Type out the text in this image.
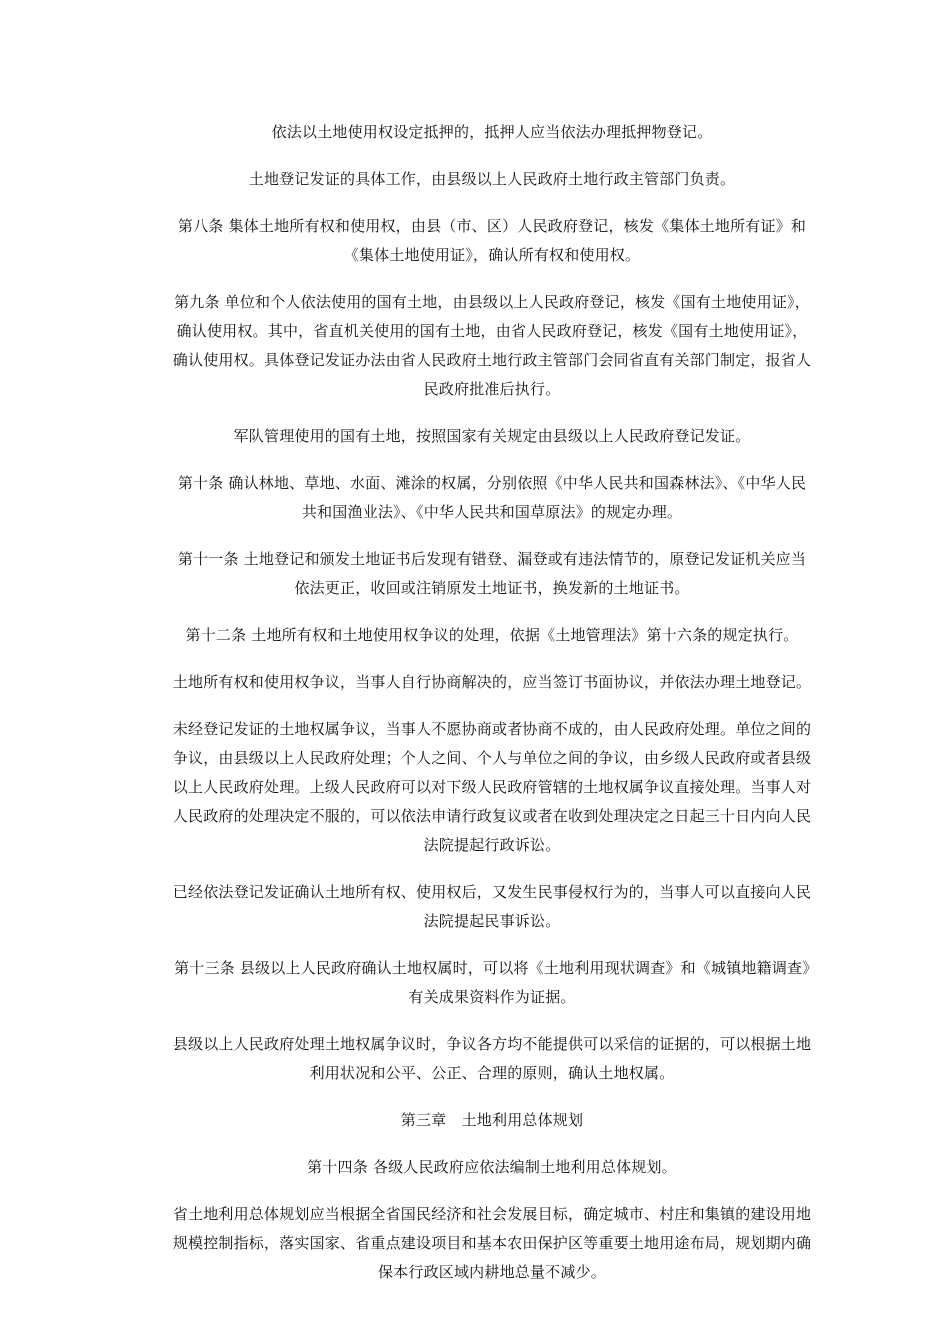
依法以土地使用权设定抵押的，抵押人应当依法办理抵押物登记。

土地登记发证的具体工作，由县级以上人民政府土地行政主管部门负责。

第八条 集体土地所有权和使用权，由县（市、区）人民政府登记，核发《集体土地所有证》和《集体土地使用证》，确认所有权和使用权。

第九条 单位和个人依法使用的国有土地，由县级以上人民政府登记，核发《国有土地使用证》，确认使用权。其中，省直机关使用的国有土地，由省人民政府登记，核发《国有土地使用证》，确认使用权。具体登记发证办法由省人民政府土地行政主管部门会同省直有关部门制定，报省人民政府批准后执行。

军队管理使用的国有土地，按照国家有关规定由县级以上人民政府登记发证。

第十条 确认林地、草地、水面、滩涂的权属，分别依照《中华人民共和国森林法》、《中华人民共和国渔业法》、《中华人民共和国草原法》的规定办理。

第十一条 土地登记和颁发土地证书后发现有错登、漏登或有违法情节的，原登记发证机关应当依法更正，收回或注销原发土地证书，换发新的土地证书。

第十二条 土地所有权和土地使用权争议的处理，依据《土地管理法》第十六条的规定执行。

土地所有权和使用权争议，当事人自行协商解决的，应当签订书面协议，并依法办理土地登记。

未经登记发证的土地权属争议，当事人不愿协商或者协商不成的，由人民政府处理。单位之间的争议，由县级以上人民政府处理；个人之间、个人与单位之间的争议，由乡级人民政府或者县级以上人民政府处理。上级人民政府可以对下级人民政府管辖的土地权属争议直接处理。当事人对人民政府的处理决定不服的，可以依法申请行政复议或者在收到处理决定之日起三十日内向人民法院提起行政诉讼。

已经依法登记发证确认土地所有权、使用权后，又发生民事侵权行为的，当事人可以直接向人民法院提起民事诉讼。

第十三条 县级以上人民政府确认土地权属时，可以将《土地利用现状调查》和《城镇地籍调查》有关成果资料作为证据。

县级以上人民政府处理土地权属争议时，争议各方均不能提供可以采信的证据的，可以根据土地利用状况和公平、公正、合理的原则，确认土地权属。

第三章　土地利用总体规划

第十四条 各级人民政府应依法编制土地利用总体规划。

省土地利用总体规划应当根据全省国民经济和社会发展目标，确定城市、村庄和集镇的建设用地规模控制指标，落实国家、省重点建设项目和基本农田保护区等重要土地用途布局，规划期内确保本行政区域内耕地总量不减少。
